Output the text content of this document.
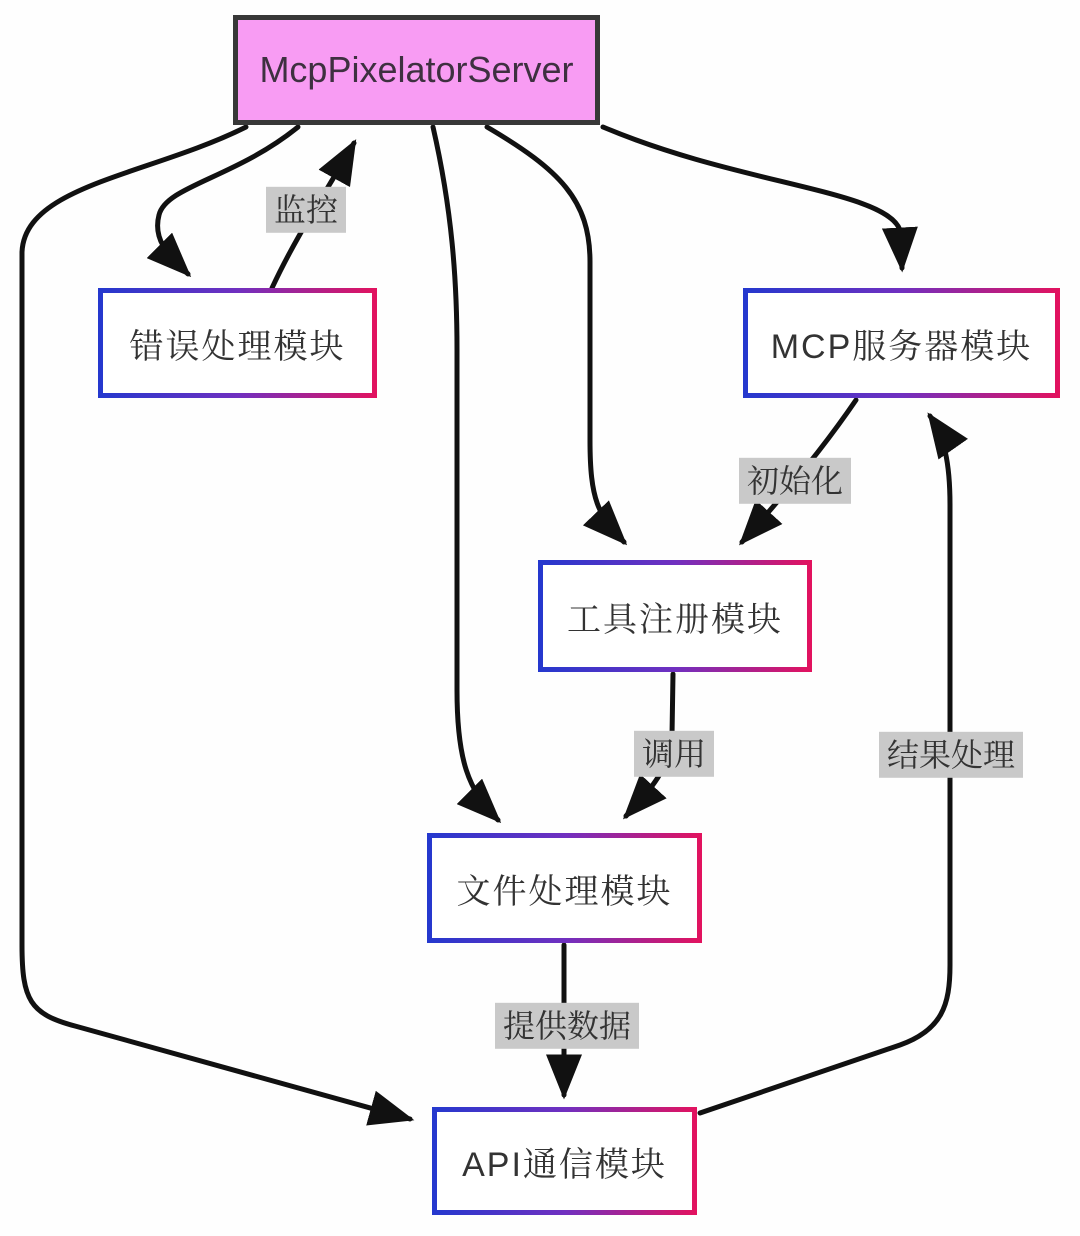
McpPixelatorServer
错误处理模块	MCP服务器模块
工具注册模块
文件处理模块
API通信模块
监控
初始化
调用
提供数据
结果处理
